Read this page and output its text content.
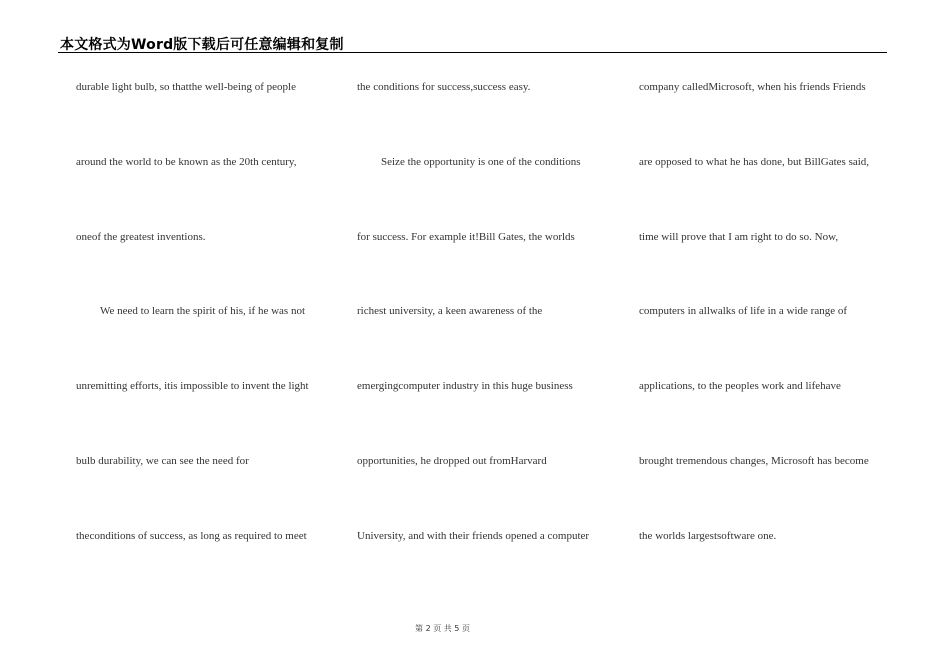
本文格式为Word版下载后可任意编辑和复制
durable light bulb, so thatthe well-being of people
around the world to be known as the 20th century,
oneof the greatest inventions.
We need to learn the spirit of his, if he was not
unremitting efforts, itis impossible to invent the light
bulb durability, we can see the need for
theconditions of success, as long as required to meet
the conditions for success,success easy.
Seize the opportunity is one of the conditions
for success. For example it!Bill Gates, the worlds
richest university, a keen awareness of the
emergingcomputer industry in this huge business
opportunities, he dropped out fromHarvard
University, and with their friends opened a computer
company calledMicrosoft, when his friends Friends
are opposed to what he has done, but BillGates said,
time will prove that I am right to do so. Now,
computers in allwalks of life in a wide range of
applications, to the peoples work and lifehave
brought tremendous changes, Microsoft has become
the worlds largestsoftware one.
第 2 页 共 5 页
